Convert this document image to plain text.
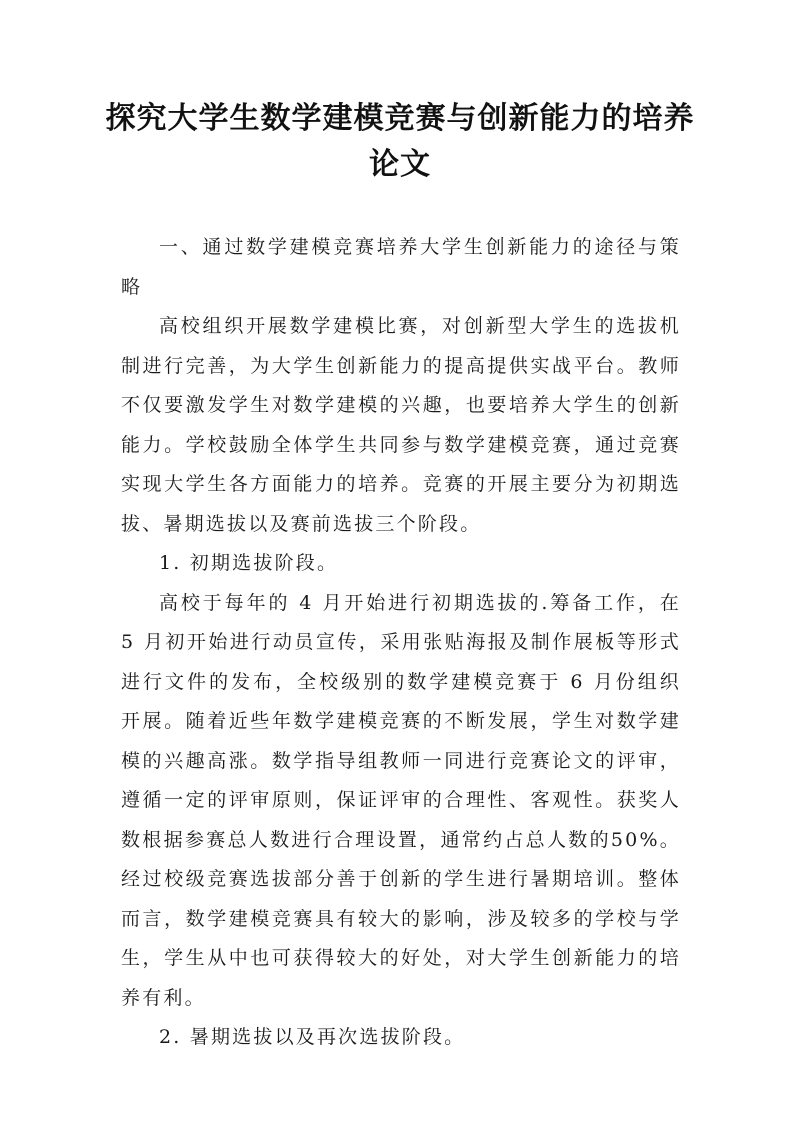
探究大学生数学建模竞赛与创新能力的培养论文

一、通过数学建模竞赛培养大学生创新能力的途径与策略

高校组织开展数学建模比赛，对创新型大学生的选拔机制进行完善，为大学生创新能力的提高提供实战平台。教师不仅要激发学生对数学建模的兴趣，也要培养大学生的创新能力。学校鼓励全体学生共同参与数学建模竞赛，通过竞赛实现大学生各方面能力的培养。竞赛的开展主要分为初期选拔、暑期选拔以及赛前选拔三个阶段。

1. 初期选拔阶段。

高校于每年的 4 月开始进行初期选拔的.筹备工作，在 5 月初开始进行动员宣传，采用张贴海报及制作展板等形式进行文件的发布，全校级别的数学建模竞赛于 6 月份组织开展。随着近些年数学建模竞赛的不断发展，学生对数学建模的兴趣高涨。数学指导组教师一同进行竞赛论文的评审，遵循一定的评审原则，保证评审的合理性、客观性。获奖人数根据参赛总人数进行合理设置，通常约占总人数的50%。经过校级竞赛选拔部分善于创新的学生进行暑期培训。整体而言，数学建模竞赛具有较大的影响，涉及较多的学校与学生，学生从中也可获得较大的好处，对大学生创新能力的培养有利。

2. 暑期选拔以及再次选拔阶段。
